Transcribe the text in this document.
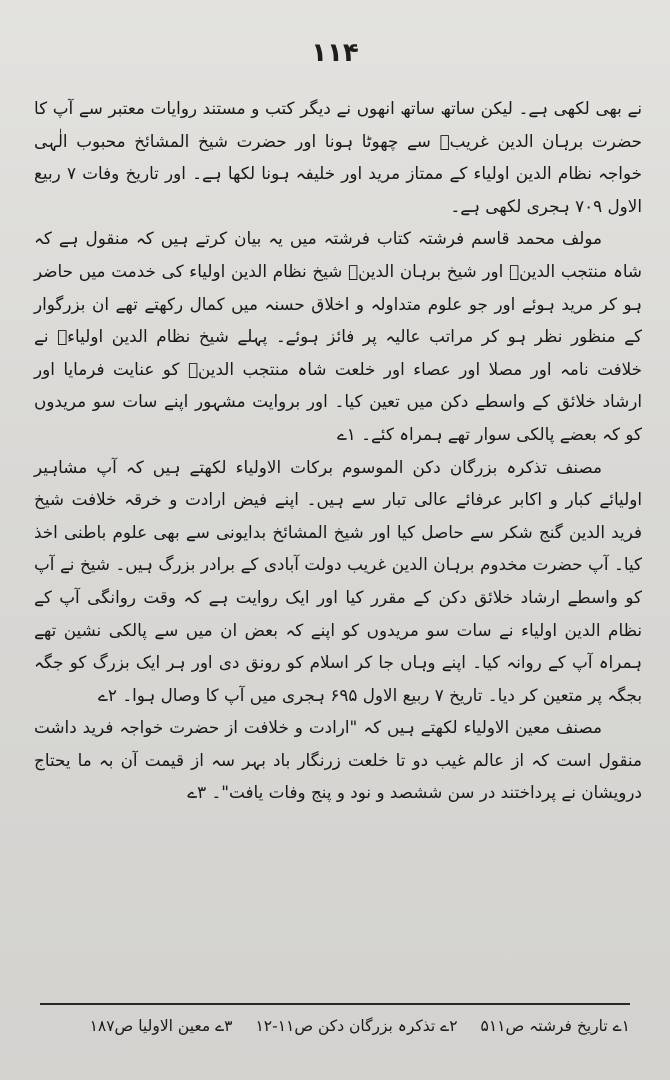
۱۱۴

نے بھی لکھی ہے۔ لیکن ساتھ ساتھ انھوں نے دیگر کتب و مستند روایات معتبر سے آپ کا حضرت برہان الدین غریبؒ سے چھوٹا ہونا اور حضرت شیخ المشائخ محبوب الٰہی خواجہ نظام الدین اولیاء کے ممتاز مرید اور خلیفہ ہونا لکھا ہے۔ اور تاریخ وفات ۷ ربیع الاول ۷۰۹ ہجری لکھی ہے۔

مولف محمد قاسم فرشتہ کتاب فرشتہ میں یہ بیان کرتے ہیں کہ منقول ہے کہ شاہ منتجب الدینؒ اور شیخ برہان الدینؒ شیخ نظام الدین اولیاء کی خدمت میں حاضر ہو کر مرید ہوئے اور جو علوم متداولہ و اخلاق حسنہ میں کمال رکھتے تھے ان بزرگوار کے منظور نظر ہو کر مراتب عالیہ پر فائز ہوئے۔ پہلے شیخ نظام الدین اولیاءؒ نے خلافت نامہ اور مصلا اور عصاء اور خلعت شاہ منتجب الدینؒ کو عنایت فرمایا اور ارشاد خلائق کے واسطے دکن میں تعین کیا۔ اور بروایت مشہور اپنے سات سو مریدوں کو کہ بعضے پالکی سوار تھے ہمراہ کئے۔ ۱ے

مصنف تذکرہ بزرگان دکن الموسوم برکات الاولیاء لکھتے ہیں کہ آپ مشاہیر اولیائے کبار و اکابر عرفائے عالی تبار سے ہیں۔ اپنے فیض ارادت و خرقہ خلافت شیخ فرید الدین گنج شکر سے حاصل کیا اور شیخ المشائخ بدایونی سے بھی علوم باطنی اخذ کیا۔ آپ حضرت مخدوم برہان الدین غریب دولت آبادی کے برادر بزرگ ہیں۔ شیخ نے آپ کو واسطے ارشاد خلائق دکن کے مقرر کیا اور ایک روایت ہے کہ وقت روانگی آپ کے نظام الدین اولیاء نے سات سو مریدوں کو اپنے کہ بعض ان میں سے پالکی نشین تھے ہمراہ آپ کے روانہ کیا۔ اپنے وہاں جا کر اسلام کو رونق دی اور ہر ایک بزرگ کو جگہ بجگہ پر متعین کر دیا۔ تاریخ ۷ ربیع الاول ۶۹۵ ہجری میں آپ کا وصال ہوا۔ ۲ے

مصنف معین الاولیاء لکھتے ہیں کہ "ارادت و خلافت از حضرت خواجہ فرید داشت منقول است کہ از عالم غیب دو تا خلعت زرنگار باد بہر سہ از قیمت آن بہ ما یحتاج درویشان نے پرداختند در سن ششصد و نود و پنج وفات یافت"۔ ۳ے

۱ے تاریخ فرشتہ ص۵۱۱ ۲ے تذکرہ بزرگان دکن ص۱۱-۱۲ ۳ے معین الاولیا ص۱۸۷
